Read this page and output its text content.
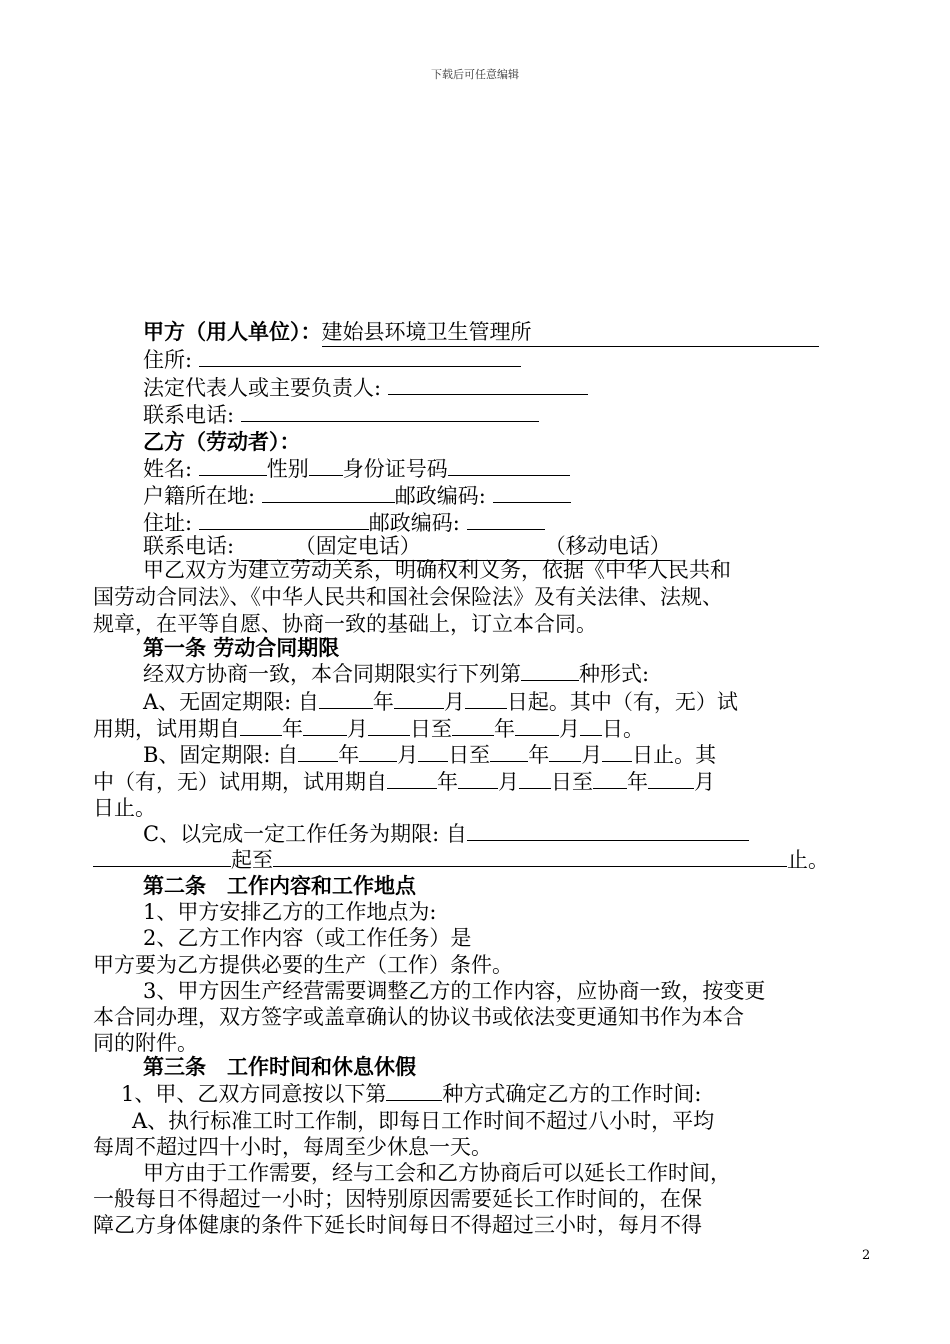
下载后可任意编辑
甲方（用人单位）：建始县环境卫生管理所
住所:
法定代表人或主要负责人:
联系电话:
乙方（劳动者）：
姓名:	性别 身份证号码
户籍所在地:	邮政编码:
住址:	邮政编码:
联系电话:	（固定电话）	（移动电话）
甲乙双方为建立劳动关系，明确权利义务，依据《中华人民共和
国劳动合同法》、《中华人民共和国社会保险法》及有关法律、法规、
规章，在平等自愿、协商一致的基础上，订立本合同。
第一条 劳动合同期限
经双方协商一致，本合同期限实行下列第	种形式:
A、无固定期限: 自	年 月 日起。其中（有，无）试
用期，试用期自 年 月 日至 年 月 日。
B、固定期限: 自 年 月 日至 年 月 日止。其
中（有，无）试用期，试用期自 年 月 日至 年 月
日止。
C、以完成一定工作任务为期限: 自
起至	止。
第二条　工作内容和工作地点
1、甲方安排乙方的工作地点为:
2、乙方工作内容（或工作任务）是
甲方要为乙方提供必要的生产（工作）条件。
3、甲方因生产经营需要调整乙方的工作内容，应协商一致，按变更
本合同办理，双方签字或盖章确认的协议书或依法变更通知书作为本合
同的附件。
第三条　工作时间和休息休假
1、甲、乙双方同意按以下第	种方式确定乙方的工作时间:
A、执行标准工时工作制，即每日工作时间不超过八小时，平均
每周不超过四十小时，每周至少休息一天。
甲方由于工作需要，经与工会和乙方协商后可以延长工作时间，
一般每日不得超过一小时；因特别原因需要延长工作时间的，在保
障乙方身体健康的条件下延长时间每日不得超过三小时，每月不得
2
